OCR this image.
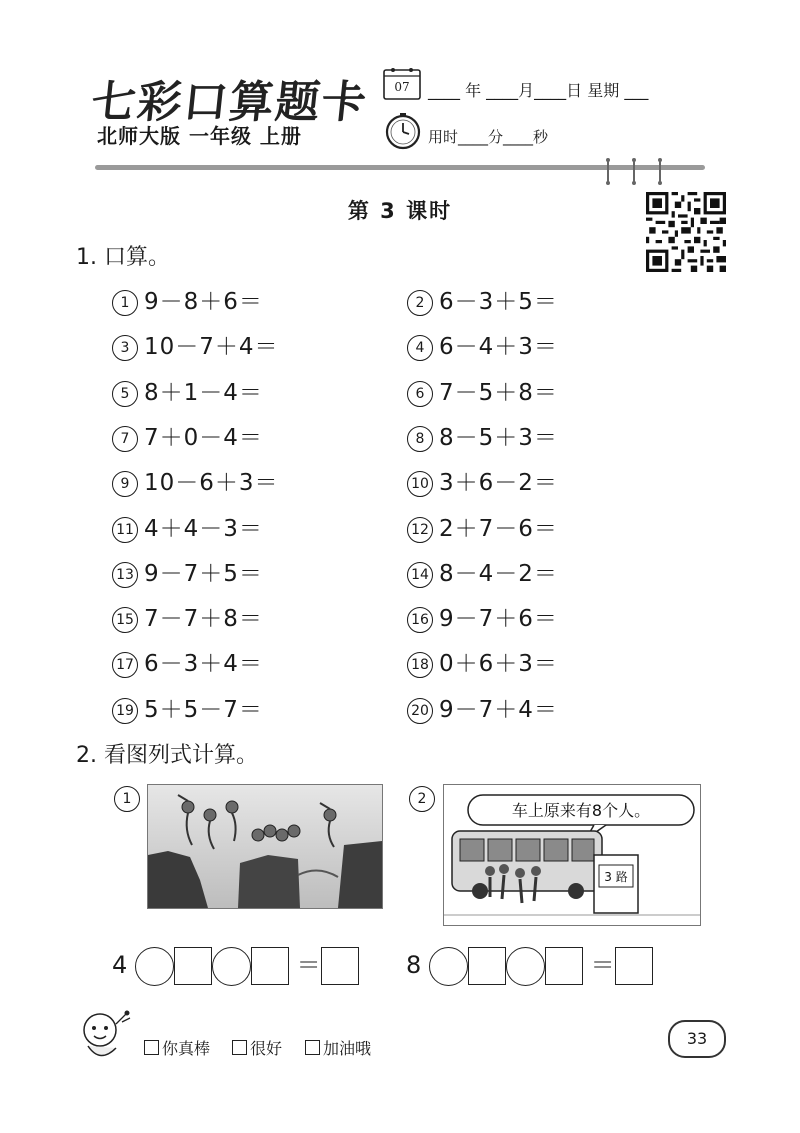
七彩口算题卡 07 ____ 年 ____月____日 星期 ___
北师大版 一年级 上册	用时____分____秒
第 3 课时
1. 口算。
1 9－8＋6＝	2 6－3＋5＝
3 10－7＋4＝	4 6－4＋3＝
5 8＋1－4＝	6 7－5＋8＝
7 7＋0－4＝	8 8－5＋3＝
9 10－6＋3＝	10 3＋6－2＝
11 4＋4－3＝	12 2＋7－6＝
13 9－7＋5＝	14 8－4－2＝
15 7－7＋8＝	16 9－7＋6＝
17 6－3＋4＝	18 0＋6＋3＝
19 5＋5－7＝	20 9－7＋4＝
2. 看图列式计算。
1	2
车上原来有8个人。
3 路
4	＝	8	＝
你真棒	很好	加油哦
33
